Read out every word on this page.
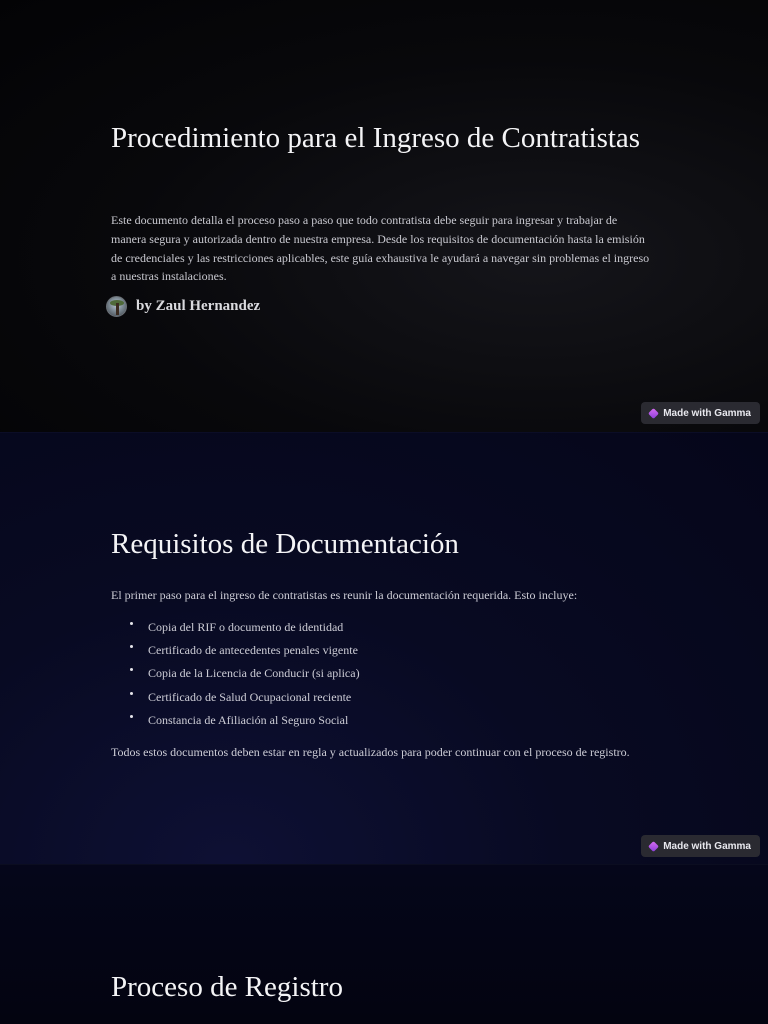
Procedimiento para el Ingreso de Contratistas

Este documento detalla el proceso paso a paso que todo contratista debe seguir para ingresar y trabajar de manera segura y autorizada dentro de nuestra empresa. Desde los requisitos de documentación hasta la emisión de credenciales y las restricciones aplicables, este guía exhaustiva le ayudará a navegar sin problemas el ingreso a nuestras instalaciones.

by Zaul Hernandez
Made with Gamma
Requisitos de Documentación

El primer paso para el ingreso de contratistas es reunir la documentación requerida. Esto incluye:

Copia del RIF o documento de identidad
Certificado de antecedentes penales vigente
Copia de la Licencia de Conducir (si aplica)
Certificado de Salud Ocupacional reciente
Constancia de Afiliación al Seguro Social

Todos estos documentos deben estar en regla y actualizados para poder continuar con el proceso de registro.

Made with Gamma
Proceso de Registro
